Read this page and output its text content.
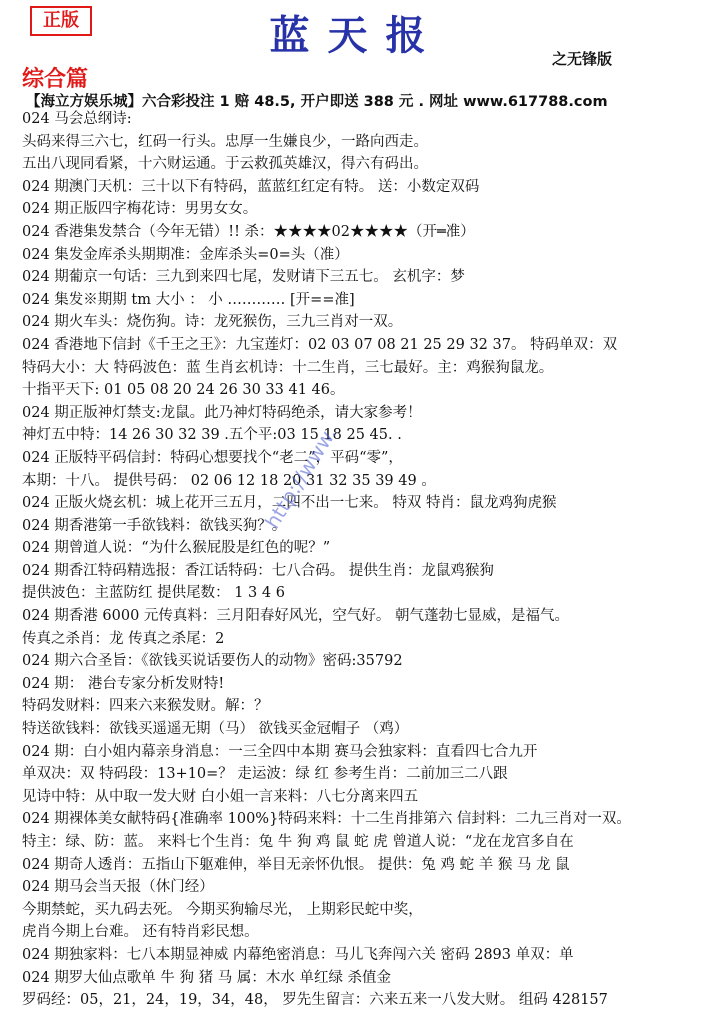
正版	蓝天报	之无锋版
综合篇
【海立方娱乐城】六合彩投注 1 赔 48.5, 开户即送 388 元 . 网址 www.617788.com
024 马会总纲诗:
头码来得三六七，红码一行头。忠厚一生嫌良少，一路向西走。
五出八现同看紧，十六财运通。于云救孤英雄汉，得六有码出。
024 期澳门天机：三十以下有特码，蓝蓝红红定有特。 送：小数定双码
024 期正版四字梅花诗：男男女女。
024 香港集发禁合（今年无错）!! 杀：★★★★02★★★★（开═准）
024 集发金库杀头期期准：金库杀头=0=头（准）
024 期葡京一句话：三九到来四七尾，发财请下三五七。 玄机字：梦
024 集发※期期 tm 大小 ： 小 ………… [开==准]
024 期火车头：烧伤狗。诗：龙死猴伤，三九三肖对一双。
024 香港地下信封《千王之王》：九宝莲灯：02 03 07 08 21 25 29 32 37。 特码单双：双
特码大小：大 特码波色：蓝 生肖玄机诗：十二生肖，三七最好。主：鸡猴狗鼠龙。
十指平天下: 01 05 08 20 24 26 30 33 41 46。
024 期正版神灯禁支:龙鼠。此乃神灯特码绝杀，请大家参考！
神灯五中特：14 26 30 32 39 .五个平:03 15 18 25 45. .
024 正版特平码信封：特码心想要找个“老二”，平码“零”，
本期：十八。 提供号码： 02 06 12 18 20 31 32 35 39 49 。
024 正版火烧玄机：城上花开三五月，二四不出一七来。 特双 特肖：鼠龙鸡狗虎猴
024 期香港第一手欲钱料：欲钱买狗？。
024 期曾道人说：“为什么猴屁股是红色的呢？”
024 期香江特码精选报：香江话特码：七八合码。 提供生肖：龙鼠鸡猴狗
提供波色：主蓝防红 提供尾数： 1 3 4 6
024 期香港 6000 元传真料：三月阳春好风光，空气好。 朝气蓬勃七显威，是福气。
传真之杀肖：龙 传真之杀尾：2
024 期六合圣旨：《欲钱买说话要伤人的动物》密码:35792
024 期： 港台专家分析发财特!
特码发财料：四来六来猴发财。解：？
特送欲钱料：欲钱买遥遥无期（马） 欲钱买金冠帽子 （鸡）
024 期：白小姐内幕亲身消息：一三全四中本期 赛马会独家料：直看四七合九开
单双决：双 特码段：13+10=？ 走运波：绿 红 参考生肖：二前加三二八跟
见诗中特：从中取一发大财 白小姐一言来料：八七分离来四五
024 期裸体美女献特码{准确率 100%}特码来料：十二生肖排第六 信封料：二九三肖对一双。
特主：绿、防：蓝。 来料七个生肖：兔 牛 狗 鸡 鼠 蛇 虎 曾道人说：“龙在龙宫多自在
024 期奇人透肖：五指山下躯难伸，举目无亲怀仇恨。 提供：兔 鸡 蛇 羊 猴 马 龙 鼠
024 期马会当天报（休门经）
今期禁蛇，买九码去死。 今期买狗输尽光， 上期彩民蛇中奖，
虎肖今期上台难。 还有特肖彩民想。
024 期独家料：七八本期显神威 内幕绝密消息：马儿飞奔闯六关 密码 2893 单双：单
024 期罗大仙点歌单 牛 狗 猪 马 属：木水 单红绿 杀值金
罗码经：05，21，24，19，34，48， 罗先生留言：六来五来一八发大财。 组码 428157
http://www.
